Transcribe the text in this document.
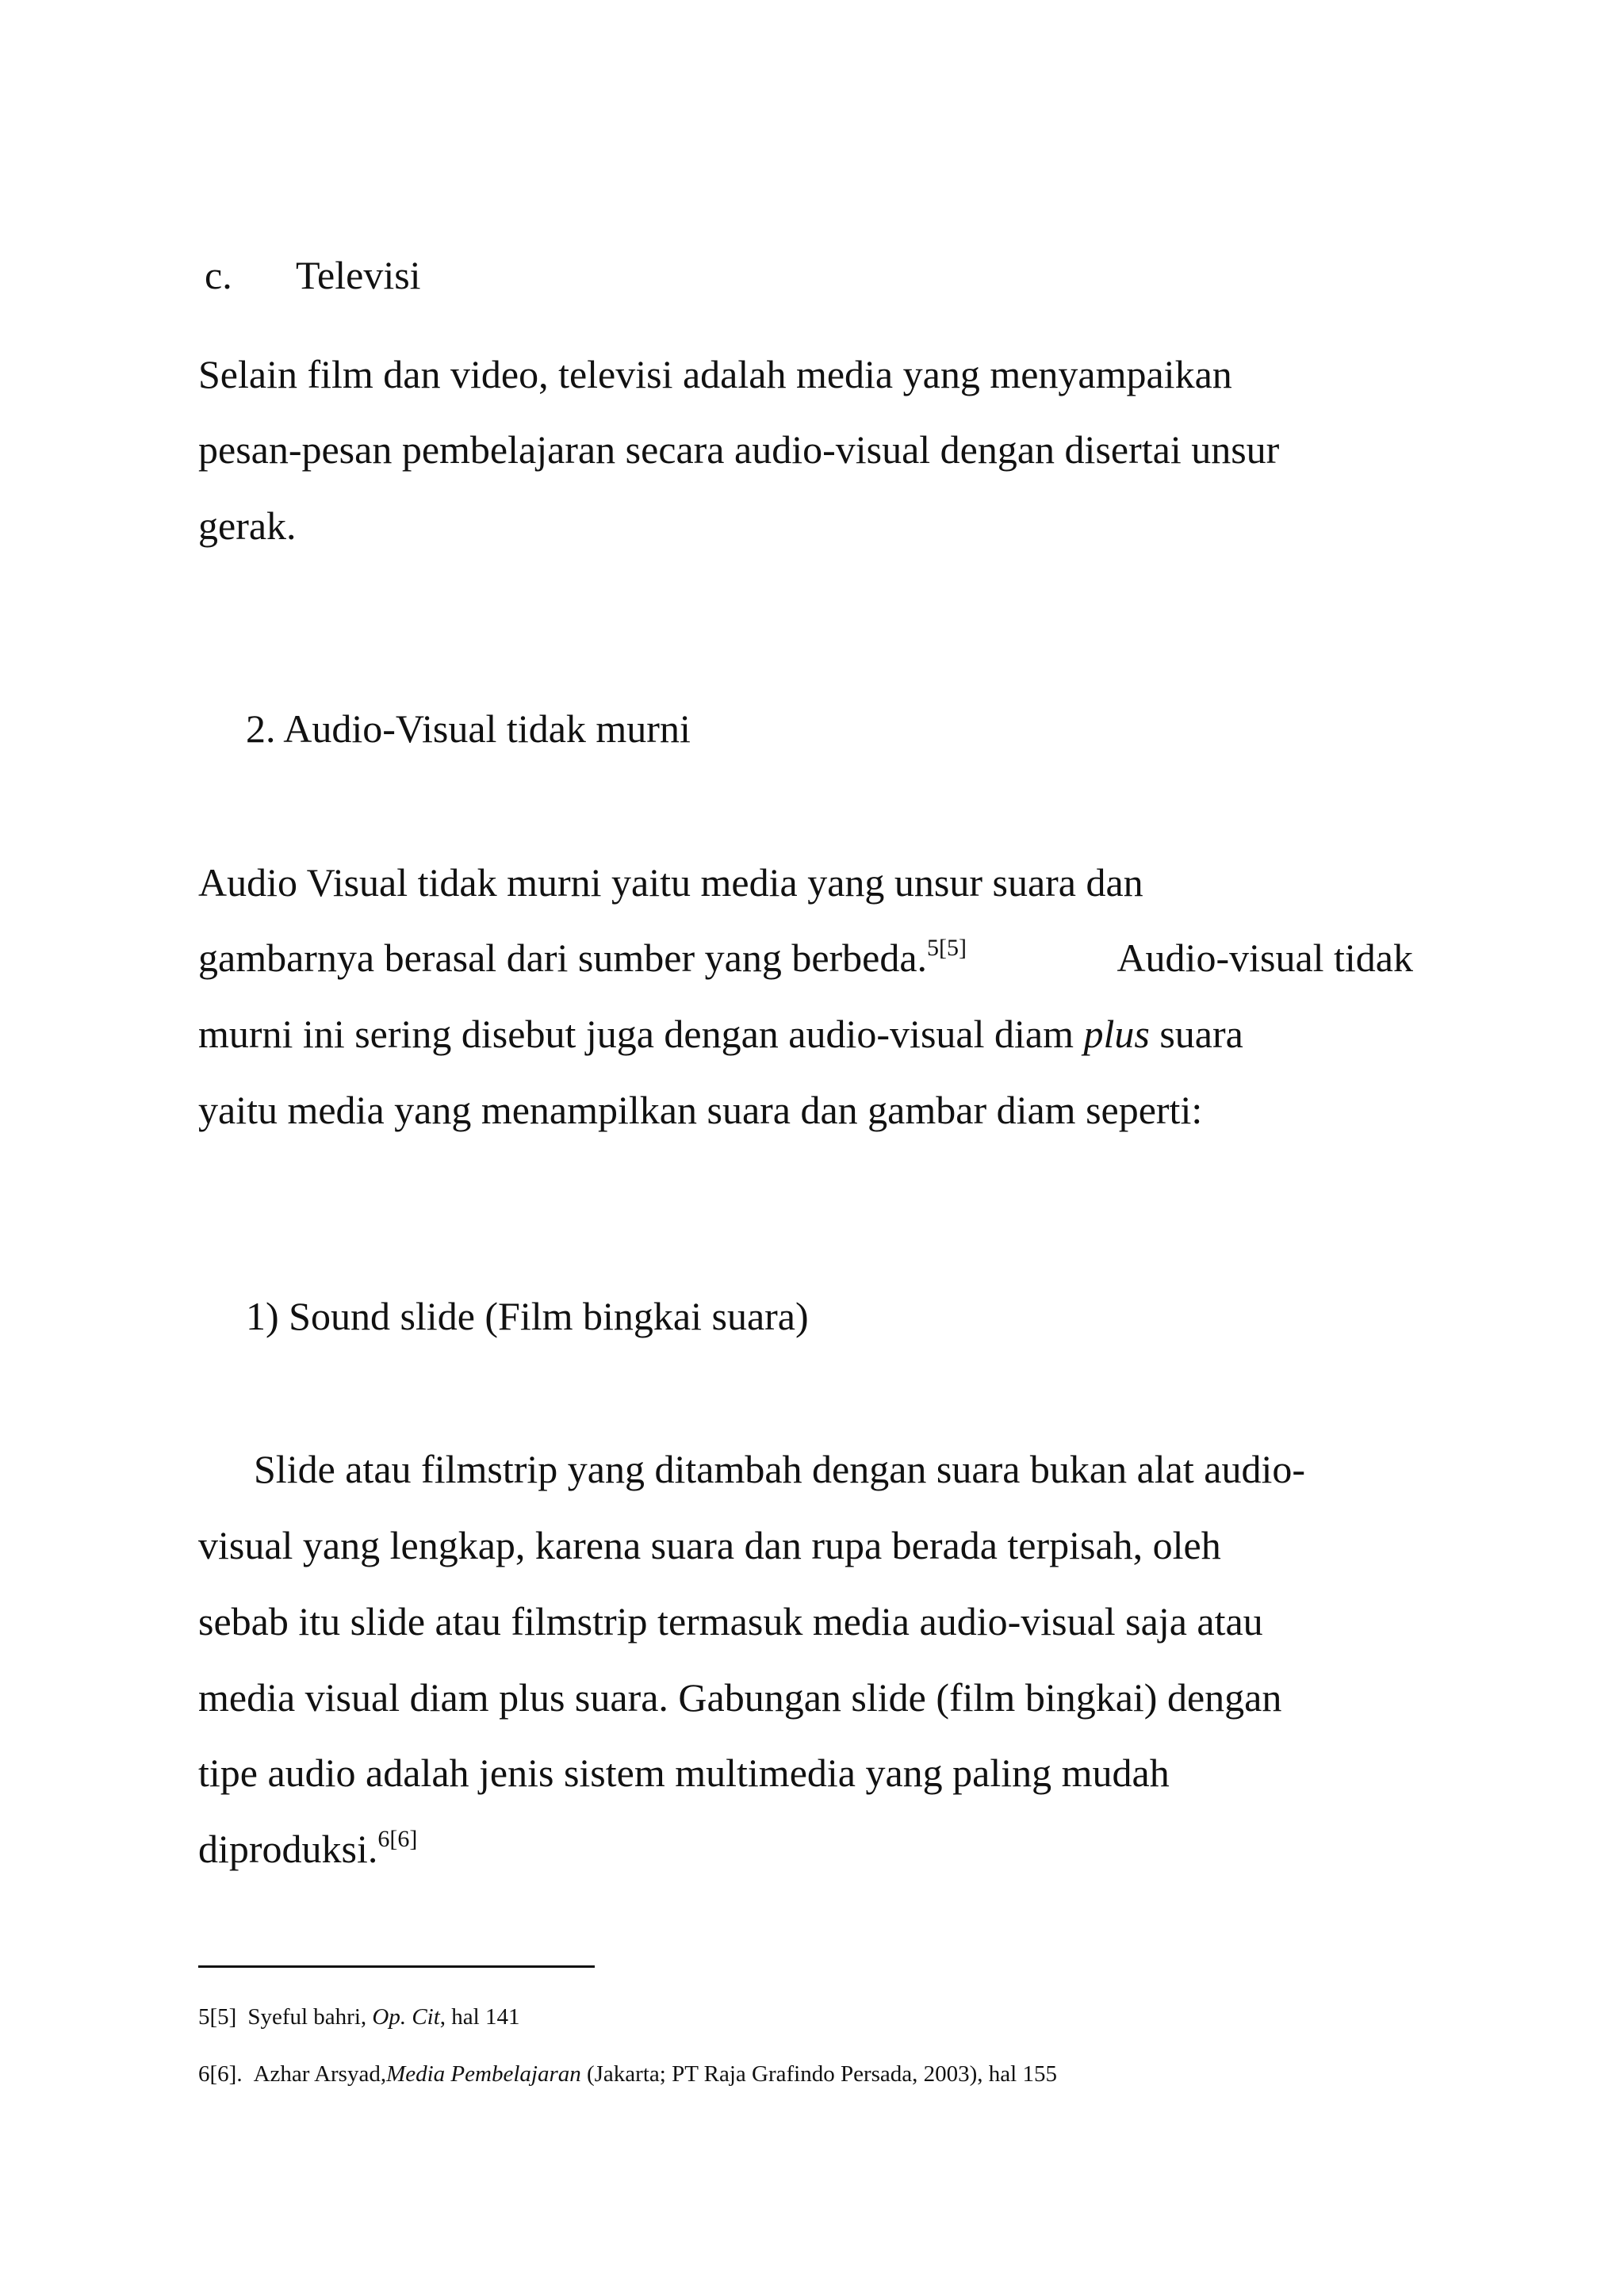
c. Televisi
Selain film dan video, televisi adalah media yang menyampaikan
pesan-pesan pembelajaran secara audio-visual dengan disertai unsur
gerak.
2. Audio-Visual tidak murni
Audio Visual tidak murni yaitu media yang unsur suara dan
gambarnya berasal dari sumber yang berbeda.$^{5[5]}$	Audio-visual tidak
murni ini sering disebut juga dengan audio-visual diam plus suara
yaitu media yang menampilkan suara dan gambar diam seperti:
1) Sound slide (Film bingkai suara)
Slide atau filmstrip yang ditambah dengan suara bukan alat audio-
visual yang lengkap, karena suara dan rupa berada terpisah, oleh
sebab itu slide atau filmstrip termasuk media audio-visual saja atau
media visual diam plus suara. Gabungan slide (film bingkai) dengan
tipe audio adalah jenis sistem multimedia yang paling mudah
diproduksi.$^{6[6]}$
5[5] Syeful bahri, Op. Cit, hal 141
6[6]. Azhar Arsyad,Media Pembelajaran (Jakarta; PT Raja Grafindo Persada, 2003), hal 155
